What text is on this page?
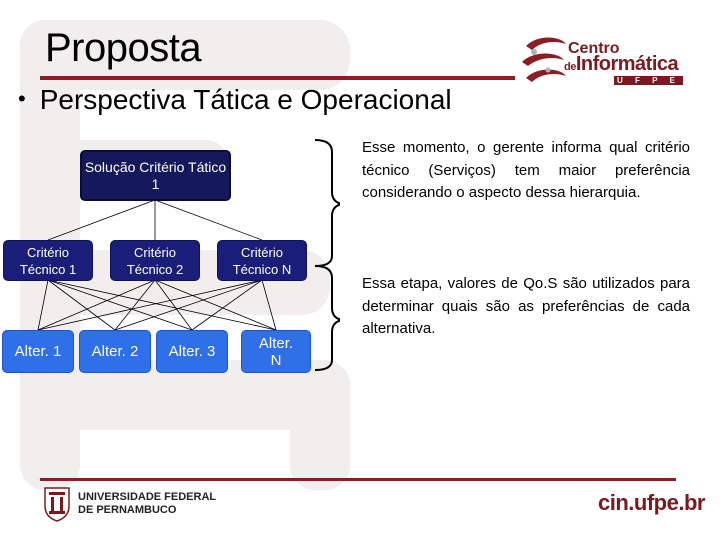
Proposta
• Perspectiva Tática e Operacional
Centro
deInformática
U F P E
Solução Critério Tático 1
Critério Técnico 1
Critério Técnico 2
Critério Técnico N
Alter. 1	Alter. 2	Alter. 3	Alter. N
Esse momento, o gerente informa qual critério técnico (Serviços) tem maior preferência considerando o aspecto dessa hierarquia.
Essa etapa, valores de Qo.S são utilizados para determinar quais são as preferências de cada alternativa.
UNIVERSIDADE FEDERAL
DE PERNAMBUCO	cin.ufpe.br
